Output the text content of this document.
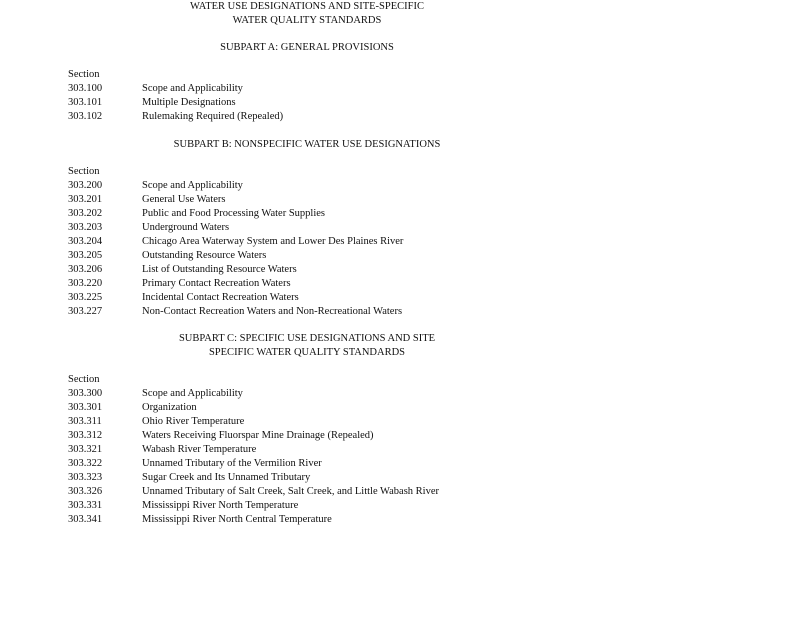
WATER USE DESIGNATIONS AND SITE-SPECIFIC
WATER QUALITY STANDARDS
SUBPART A: GENERAL PROVISIONS
Section
303.100	Scope and Applicability
303.101	Multiple Designations
303.102	Rulemaking Required (Repealed)
SUBPART B: NONSPECIFIC WATER USE DESIGNATIONS
Section
303.200	Scope and Applicability
303.201	General Use Waters
303.202	Public and Food Processing Water Supplies
303.203	Underground Waters
303.204	Chicago Area Waterway System and Lower Des Plaines River
303.205	Outstanding Resource Waters
303.206	List of Outstanding Resource Waters
303.220	Primary Contact Recreation Waters
303.225	Incidental Contact Recreation Waters
303.227	Non-Contact Recreation Waters and Non-Recreational Waters
SUBPART C: SPECIFIC USE DESIGNATIONS AND SITE
SPECIFIC WATER QUALITY STANDARDS
Section
303.300	Scope and Applicability
303.301	Organization
303.311	Ohio River Temperature
303.312	Waters Receiving Fluorspar Mine Drainage (Repealed)
303.321	Wabash River Temperature
303.322	Unnamed Tributary of the Vermilion River
303.323	Sugar Creek and Its Unnamed Tributary
303.326	Unnamed Tributary of Salt Creek, Salt Creek, and Little Wabash River
303.331	Mississippi River North Temperature
303.341	Mississippi River North Central Temperature
